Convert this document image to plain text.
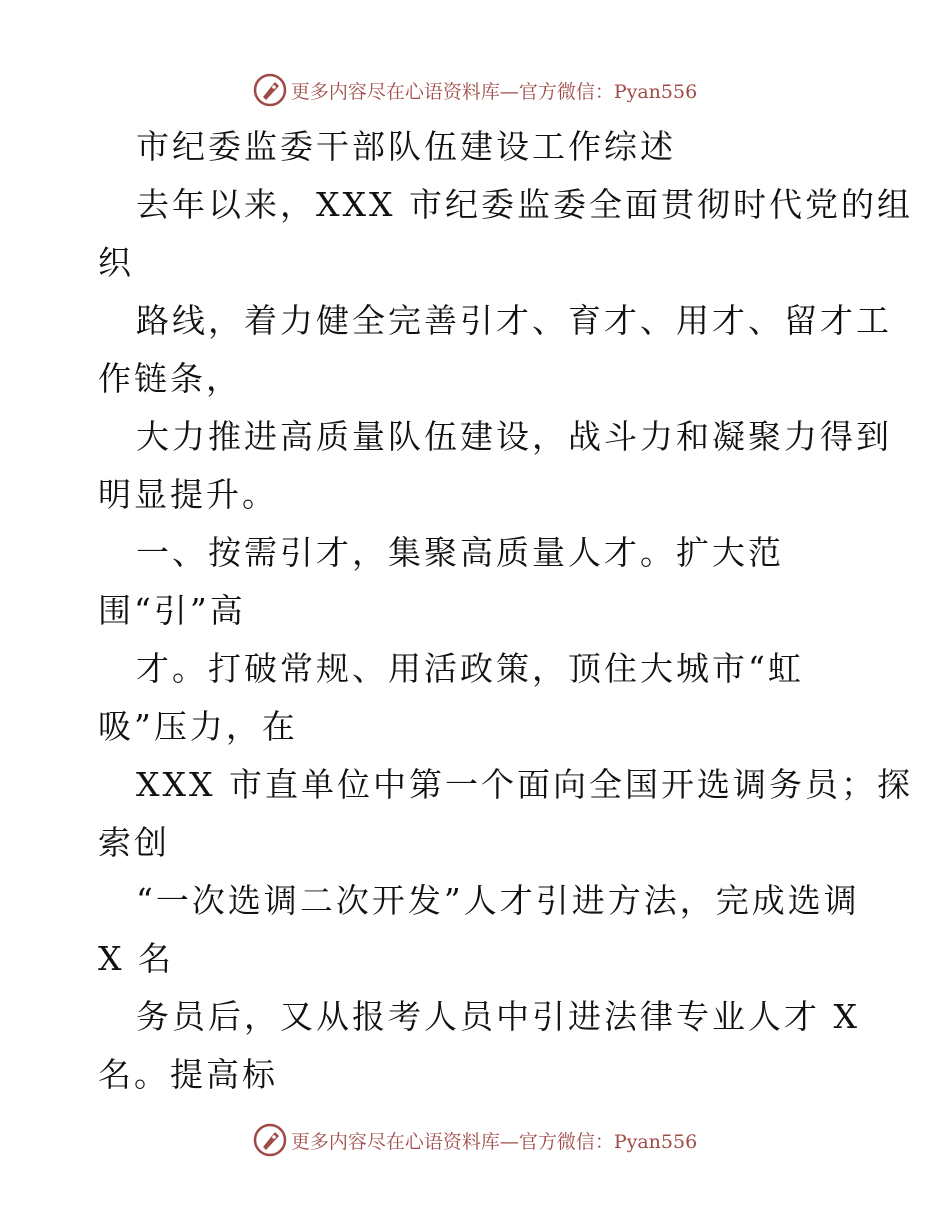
更多内容尽在心语资料库—官方微信：Pyan556
市纪委监委干部队伍建设工作综述
去年以来，XXX 市纪委监委全面贯彻时代党的组
织
路线，着力健全完善引才、育才、用才、留才工
作链条，
大力推进高质量队伍建设，战斗力和凝聚力得到
明显提升。
一、按需引才，集聚高质量人才。扩大范
围“引”高
才。打破常规、用活政策，顶住大城市“虹
吸”压力，在
XXX 市直单位中第一个面向全国开选调务员；探
索创
“一次选调二次开发”人才引进方法，完成选调
X 名
务员后，又从报考人员中引进法律专业人才 X
名。提高标
更多内容尽在心语资料库—官方微信：Pyan556
